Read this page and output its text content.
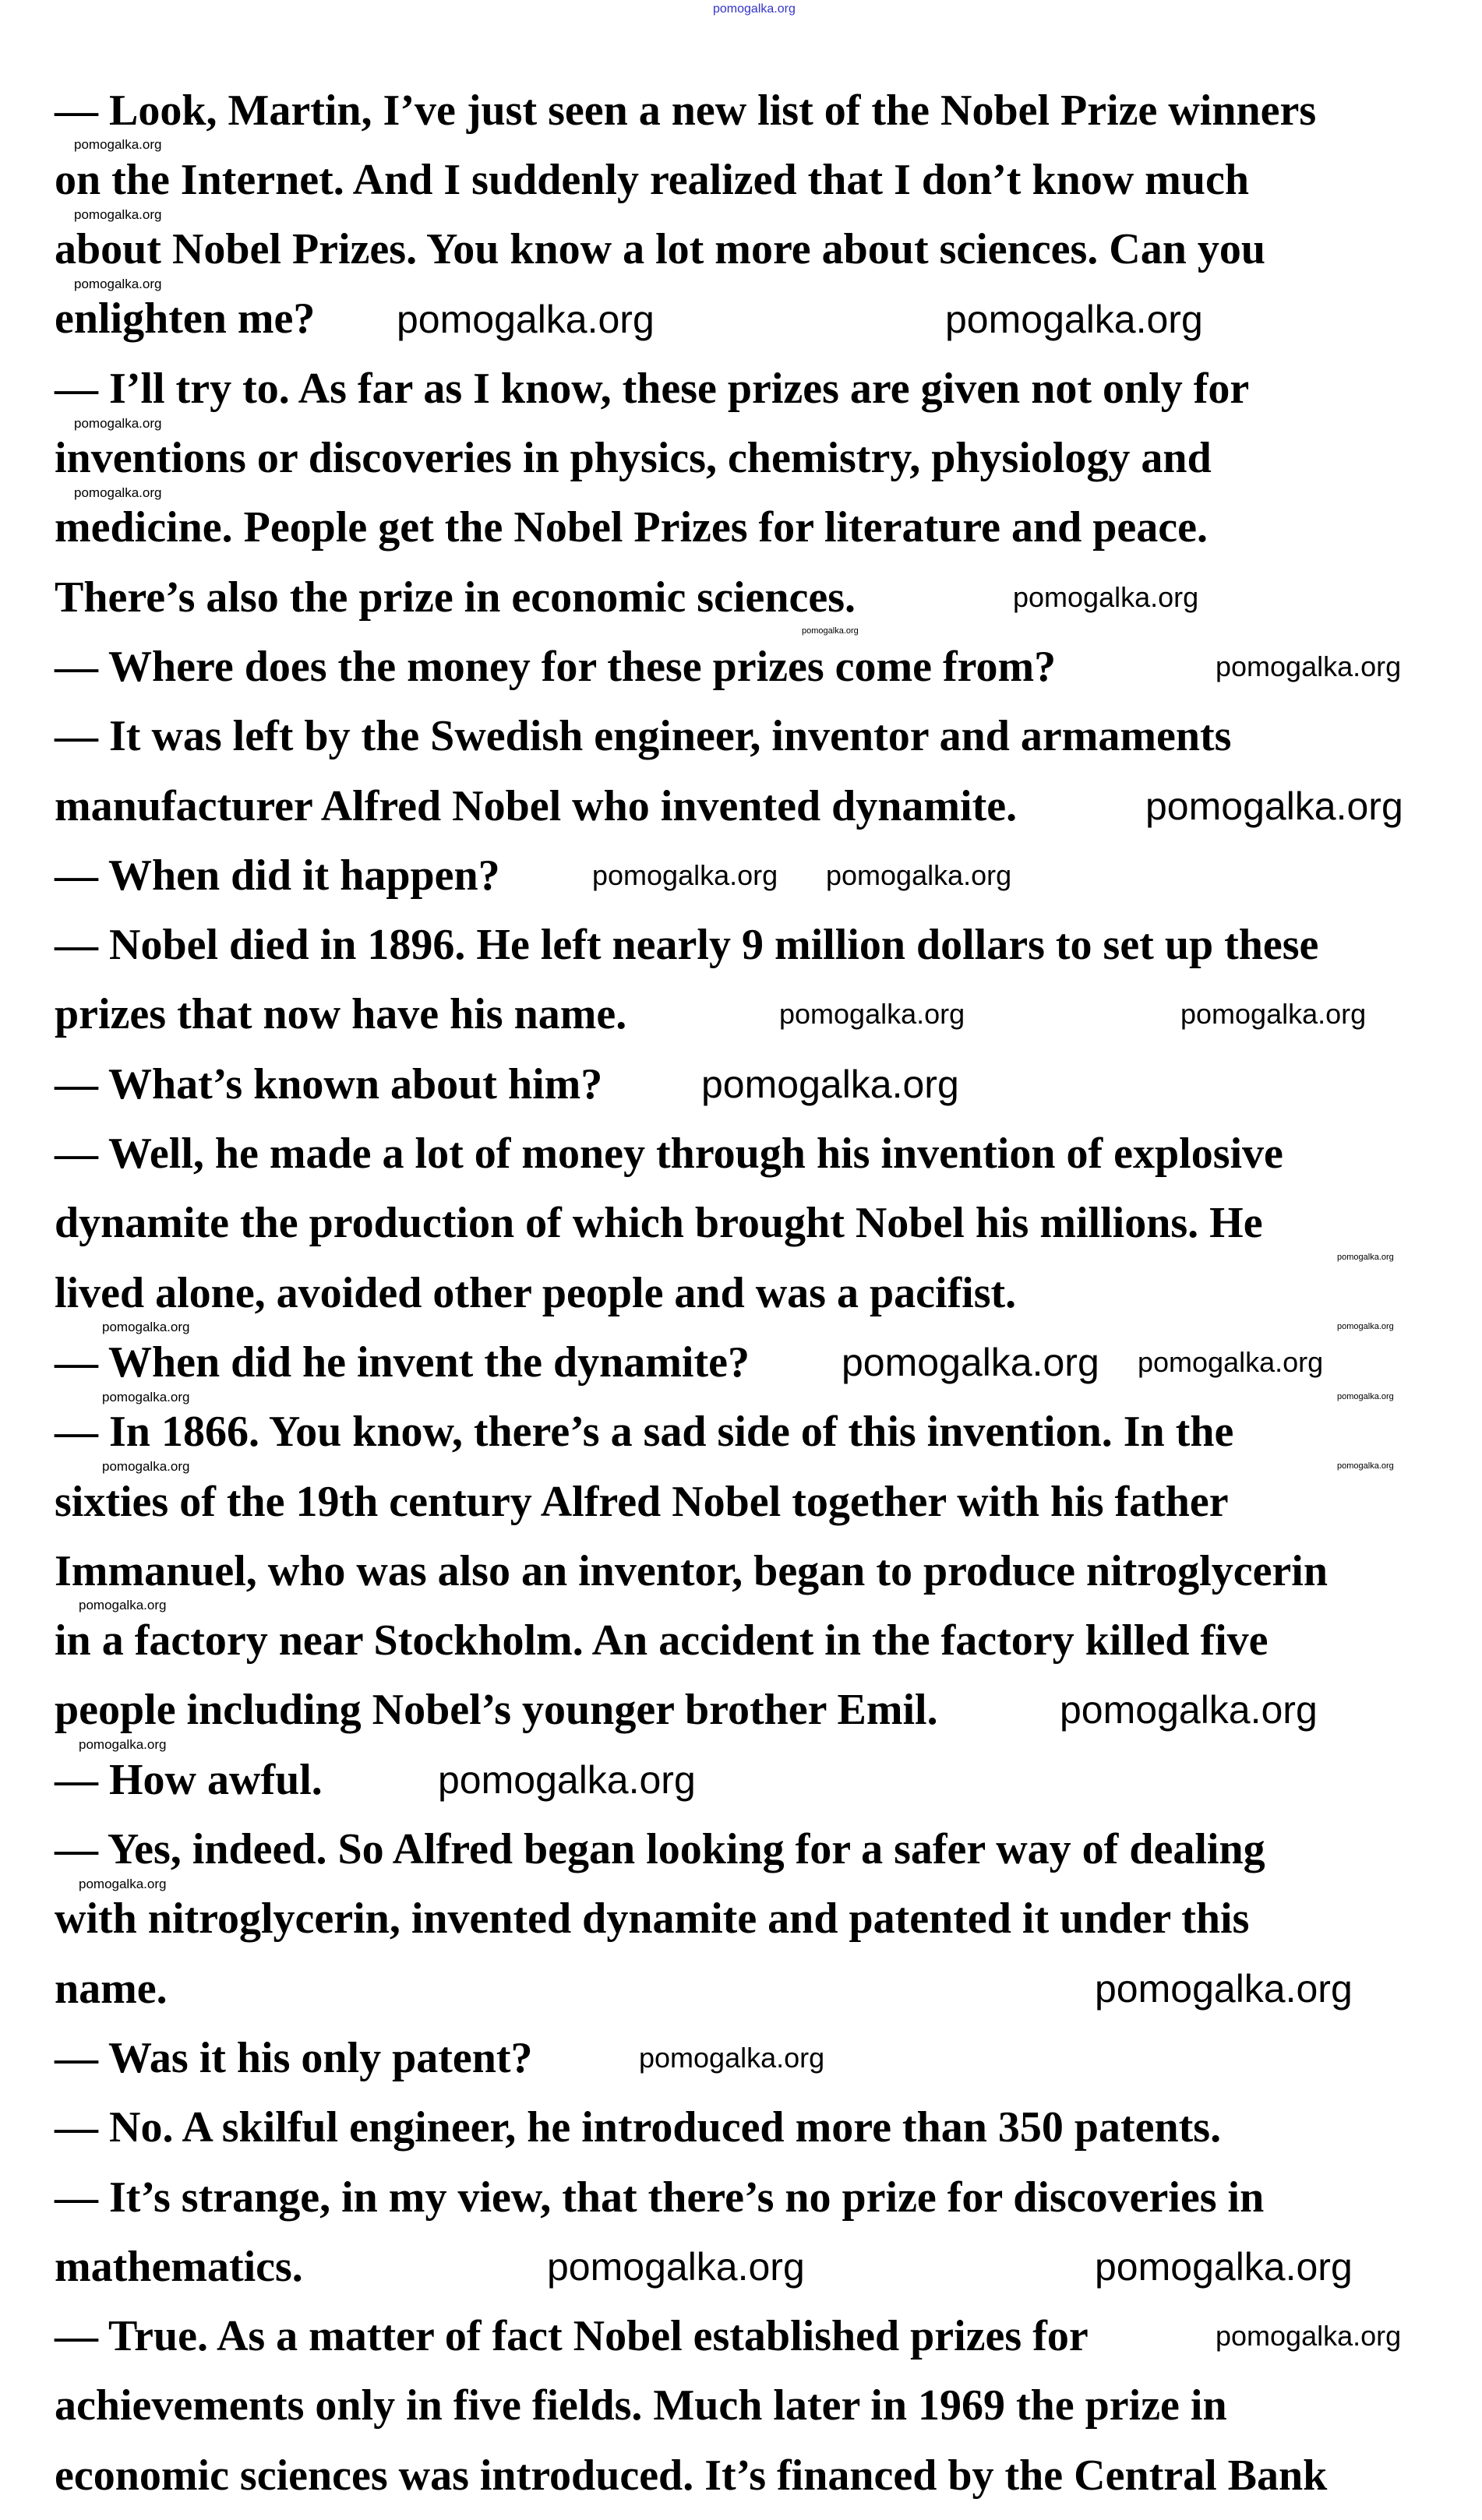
pomogalka.org
— Look, Martin, I’ve just seen a new list of the Nobel Prize winners
on the Internet. And I suddenly realized that I don’t know much
about Nobel Prizes. You know a lot more about sciences. Can you
enlighten me?
— I’ll try to. As far as I know, these prizes are given not only for
inventions or discoveries in physics, chemistry, physiology and
medicine. People get the Nobel Prizes for literature and peace.
There’s also the prize in economic sciences.
— Where does the money for these prizes come from?
— It was left by the Swedish engineer, inventor and armaments
manufacturer Alfred Nobel who invented dynamite.
— When did it happen?
— Nobel died in 1896. He left nearly 9 million dollars to set up these
prizes that now have his name.
— What’s known about him?
— Well, he made a lot of money through his invention of explosive
dynamite the production of which brought Nobel his millions. He
lived alone, avoided other people and was a pacifist.
— When did he invent the dynamite?
— In 1866. You know, there’s a sad side of this invention. In the
sixties of the 19th century Alfred Nobel together with his father
Immanuel, who was also an inventor, began to produce nitroglycerin
in a factory near Stockholm. An accident in the factory killed five
people including Nobel’s younger brother Emil.
— How awful.
— Yes, indeed. So Alfred began looking for a safer way of dealing
with nitroglycerin, invented dynamite and patented it under this
name.
— Was it his only patent?
— No. A skilful engineer, he introduced more than 350 patents.
— It’s strange, in my view, that there’s no prize for discoveries in
mathematics.
— True. As a matter of fact Nobel established prizes for
achievements only in five fields. Much later in 1969 the prize in
economic sciences was introduced. It’s financed by the Central Bank
pomogalka.org
pomogalka.org
pomogalka.org
pomogalka.org
pomogalka.org
pomogalka.org
pomogalka.org
pomogalka.org
pomogalka.org
pomogalka.org
pomogalka.org
pomogalka.org
pomogalka.org
pomogalka.org
pomogalka.org
pomogalka.org
pomogalka.org	pomogalka.org
pomogalka.org
pomogalka.org
pomogalka.org
pomogalka.org pomogalka.org
pomogalka.org
pomogalka.org
pomogalka.org
pomogalka.org
pomogalka.org
pomogalka.org
pomogalka.org
pomogalka.org
pomogalka.org
pomogalka.org	pomogalka.org
pomogalka.org
